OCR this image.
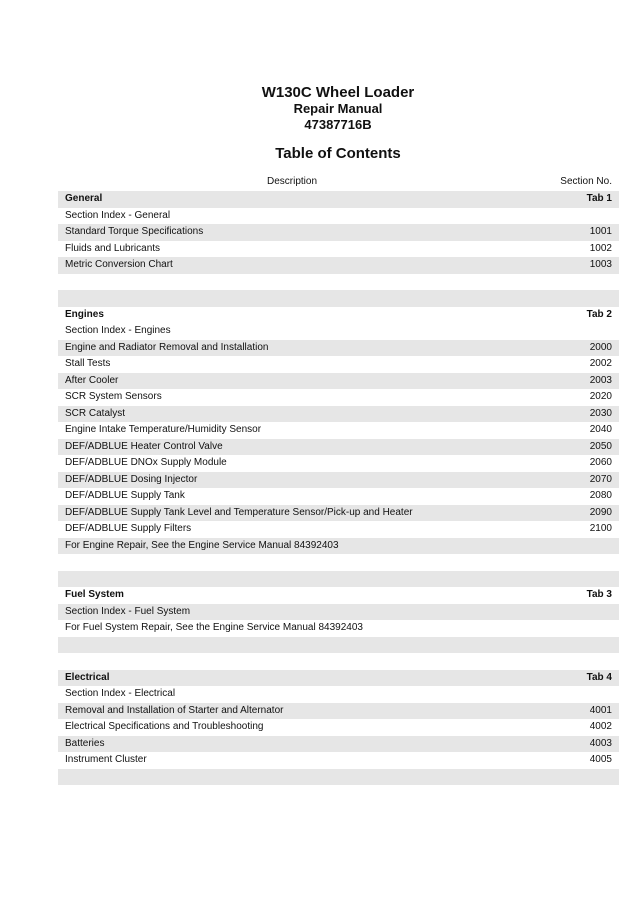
W130C Wheel Loader
Repair Manual
47387716B
Table of Contents
Description	Section No.
General	Tab 1
Section Index - General
Standard Torque Specifications	1001
Fluids and Lubricants	1002
Metric Conversion Chart	1003
Engines	Tab 2
Section Index - Engines
Engine and Radiator Removal and Installation	2000
Stall Tests	2002
After Cooler	2003
SCR System Sensors	2020
SCR Catalyst	2030
Engine Intake Temperature/Humidity Sensor	2040
DEF/ADBLUE Heater Control Valve	2050
DEF/ADBLUE DNOx Supply Module	2060
DEF/ADBLUE Dosing Injector	2070
DEF/ADBLUE Supply Tank	2080
DEF/ADBLUE Supply Tank Level and Temperature Sensor/Pick-up and Heater	2090
DEF/ADBLUE Supply Filters	2100
For Engine Repair, See the Engine Service Manual 84392403
Fuel System	Tab 3
Section Index - Fuel System
For Fuel System Repair, See the Engine Service Manual 84392403
Electrical	Tab 4
Section Index - Electrical
Removal and Installation of Starter and Alternator	4001
Electrical Specifications and Troubleshooting	4002
Batteries	4003
Instrument Cluster	4005
